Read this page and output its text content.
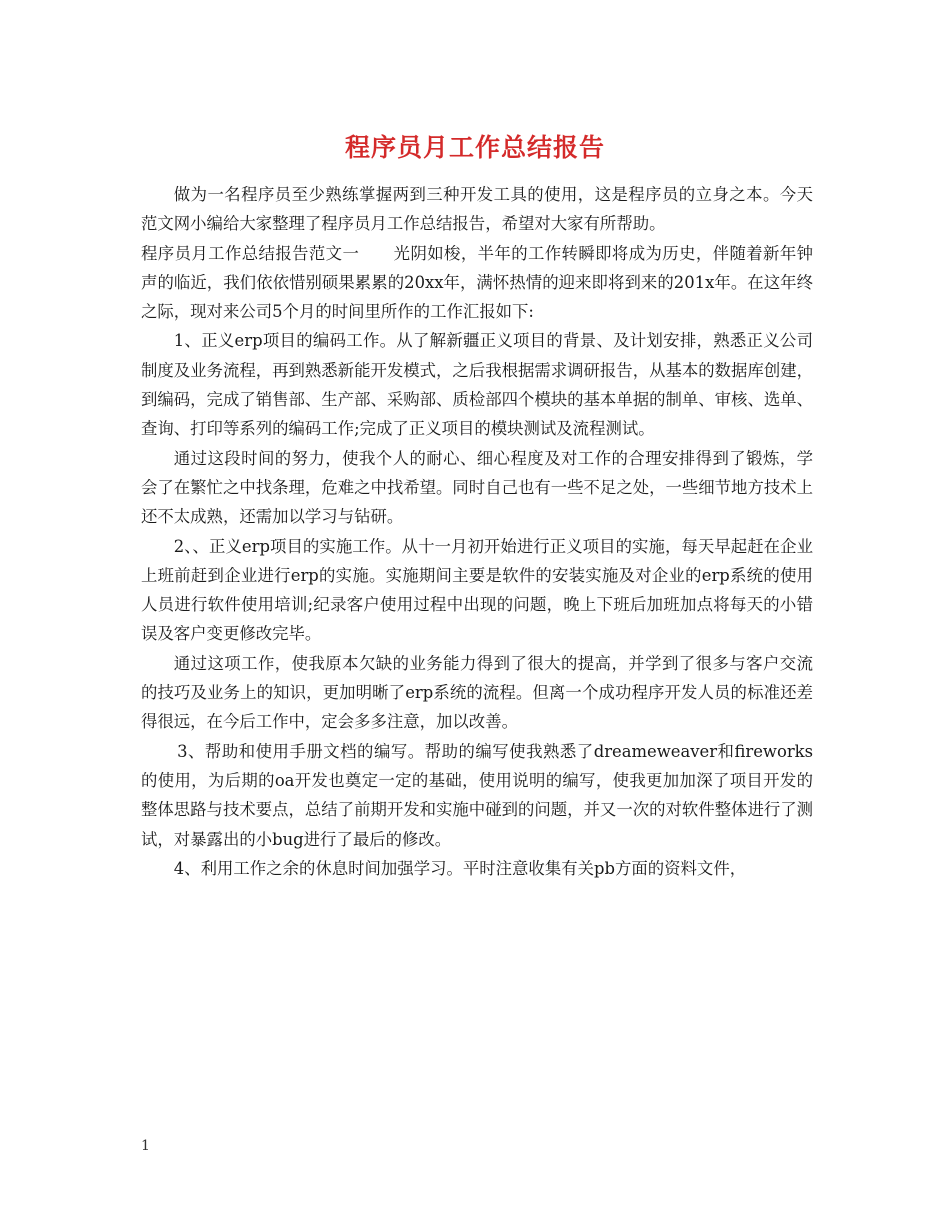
程序员月工作总结报告

做为一名程序员至少熟练掌握两到三种开发工具的使用，这是程序员的立身之本。今天范文网小编给大家整理了程序员月工作总结报告，希望对大家有所帮助。

程序员月工作总结报告范文一 光阴如梭，半年的工作转瞬即将成为历史，伴随着新年钟声的临近，我们依依惜别硕果累累的20xx年，满怀热情的迎来即将到来的201x年。在这年终之际，现对来公司5个月的时间里所作的工作汇报如下:

1、正义erp项目的编码工作。从了解新疆正义项目的背景、及计划安排，熟悉正义公司制度及业务流程，再到熟悉新能开发模式，之后我根据需求调研报告，从基本的数据库创建，到编码，完成了销售部、生产部、采购部、质检部四个模块的基本单据的制单、审核、选单、查询、打印等系列的编码工作;完成了正义项目的模块测试及流程测试。

通过这段时间的努力，使我个人的耐心、细心程度及对工作的合理安排得到了锻炼，学会了在繁忙之中找条理，危难之中找希望。同时自己也有一些不足之处，一些细节地方技术上还不太成熟，还需加以学习与钻研。

2、、正义erp项目的实施工作。从十一月初开始进行正义项目的实施，每天早起赶在企业上班前赶到企业进行erp的实施。实施期间主要是软件的安装实施及对企业的erp系统的使用人员进行软件使用培训;纪录客户使用过程中出现的问题，晚上下班后加班加点将每天的小错误及客户变更修改完毕。

通过这项工作，使我原本欠缺的业务能力得到了很大的提高，并学到了很多与客户交流的技巧及业务上的知识，更加明晰了erp系统的流程。但离一个成功程序开发人员的标准还差得很远，在今后工作中，定会多多注意，加以改善。

3、帮助和使用手册文档的编写。帮助的编写使我熟悉了dreameweaver和fireworks的使用，为后期的oa开发也奠定一定的基础，使用说明的编写，使我更加加深了项目开发的整体思路与技术要点，总结了前期开发和实施中碰到的问题，并又一次的对软件整体进行了测试，对暴露出的小bug进行了最后的修改。

4、利用工作之余的休息时间加强学习。平时注意收集有关pb方面的资料文件，

1
